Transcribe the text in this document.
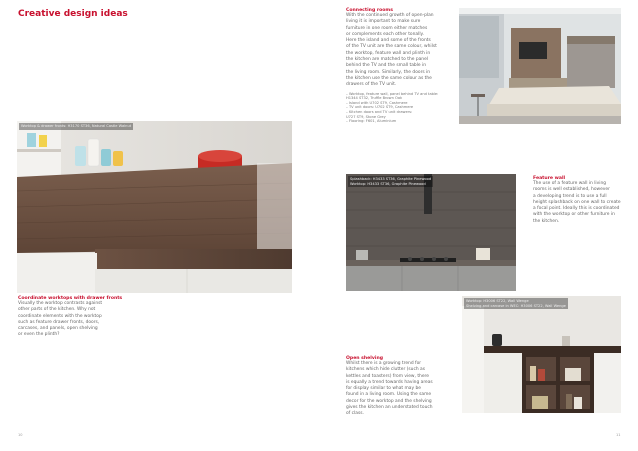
Creative design ideas
Worktop & drawer fronts: H3170 ST36, Natural Castle Walnut
Coordinate worktops with drawer fronts

Visually the worktop contrasts against
other parts of the kitchen. Why not
coordinate elements with the worktop
such as feature drawer fronts, doors,
carcases, and panels, open shelving
or even the plinth?

10
Connecting rooms

With the continued growth of open-plan
living it is important to make sure
furniture in one room either matches
or complements each other tonally.
Here the island and some of the fronts
of the TV unit are the same colour, whilst
the worktop, feature wall and plinth in
the kitchen are matched to the panel
behind the TV and the small table in
the living room. Similarly, the doors in
the kitchen use the same colour as the
drawers of the TV unit.

– Worktop, feature wall, panel behind TV and table:
H1344 ST32, Truffle Brown Oak
– Island with U702 ST9, Cashmere
– TV unit doors: U702 ST9, Cashmere
– Kitchen doors and TV unit drawers:
U727 ST9, Stone Grey
– Flooring: F601, Aluminium

Splashback: H3433 ST36, Graphite Pinewood
Worktop: H3433 ST36, Graphite Pinewood
Feature wall

The use of a feature wall in living
rooms is well established, however
a developing trend is to use a full
height splashback on one wall to create
a focal point. Ideally this is coordinated
with the worktop or other furniture in
the kitchen.

Worktop: H3006 ST22, Wall Wenge
Shelving and carcase in WEC: H3006 ST22, Wall Wenge
Open shelving

Whilst there is a growing trend for
kitchens which hide clutter (such as
kettles and toasters) from view, there
is equally a trend towards having areas
for display similar to what may be
found in a living room. Using the same
decor for the worktop and the shelving
gives the kitchen an understated touch
of class.

11
